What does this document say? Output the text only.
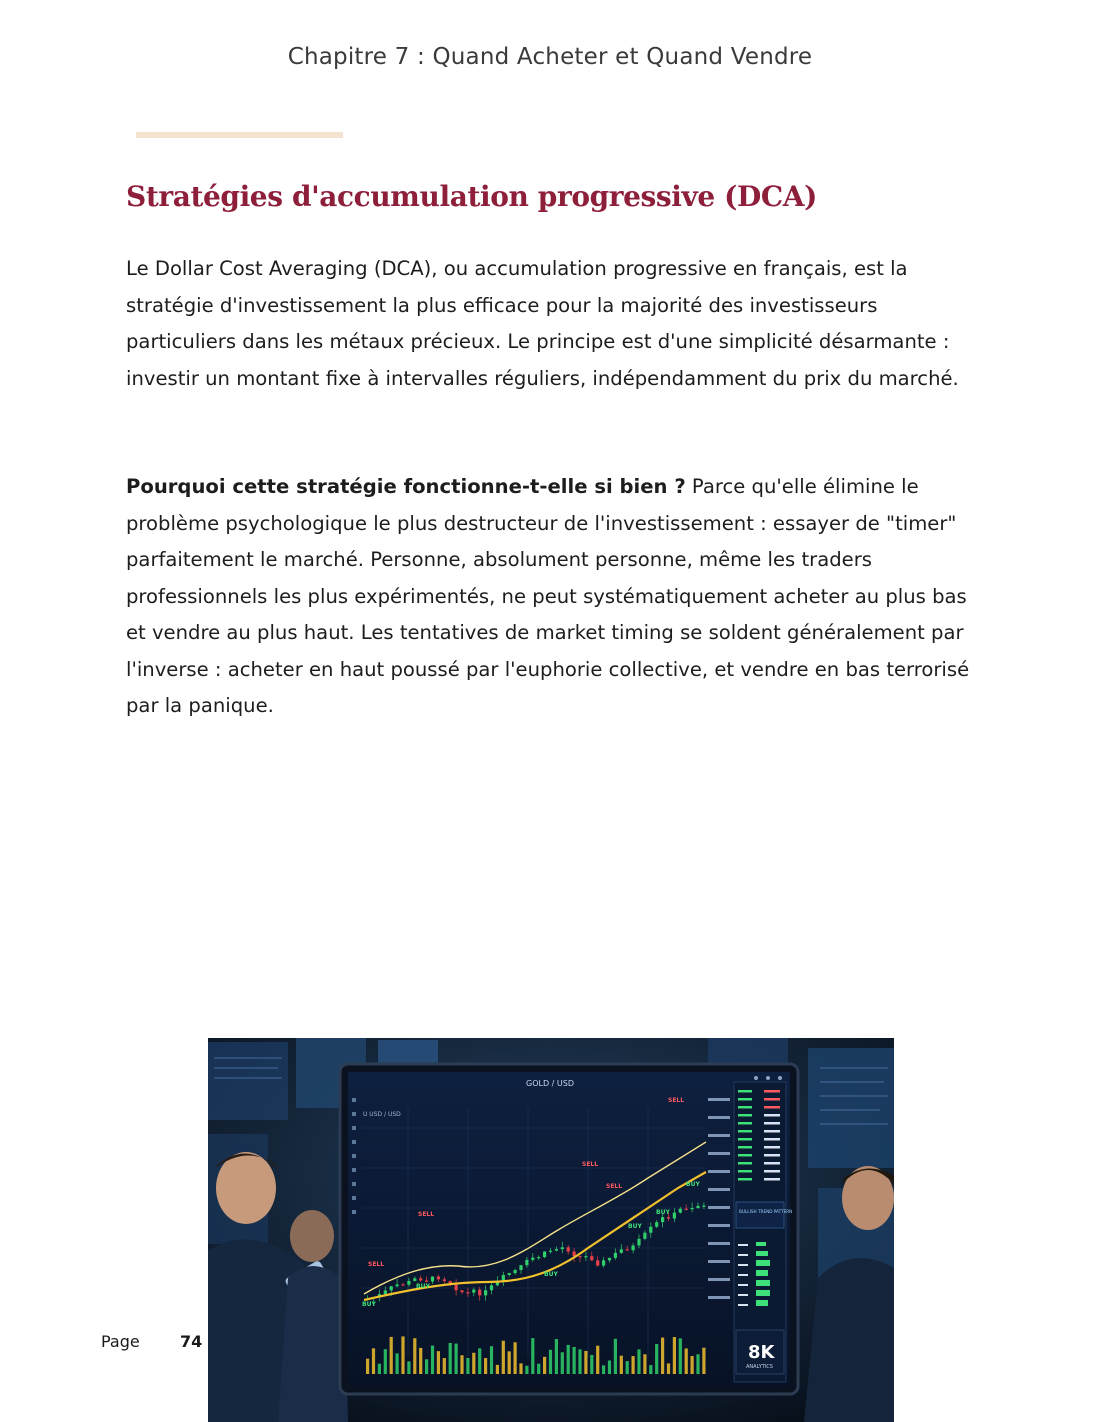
Chapitre 7 : Quand Acheter et Quand Vendre
Stratégies d'accumulation progressive (DCA)

Le Dollar Cost Averaging (DCA), ou accumulation progressive en français, est la stratégie d'investissement la plus efficace pour la majorité des investisseurs particuliers dans les métaux précieux. Le principe est d'une simplicité désarmante : investir un montant fixe à intervalles réguliers, indépendamment du prix du marché.

Pourquoi cette stratégie fonctionne-t-elle si bien ? Parce qu'elle élimine le problème psychologique le plus destructeur de l'investissement : essayer de "timer" parfaitement le marché. Personne, absolument personne, même les traders professionnels les plus expérimentés, ne peut systématiquement acheter au plus bas et vendre au plus haut. Les tentatives de market timing se soldent généralement par l'inverse : acheter en haut poussé par l'euphorie collective, et vendre en bas terrorisé par la panique.

GOLD / USD
U USD / USD
SELL
SELL
SELL
SELL
SELL
BUY
BUY
BUY
BUY
BUY
BUY
BULLISH TREND PATTERN
8K
ANALYTICS
Page	74
